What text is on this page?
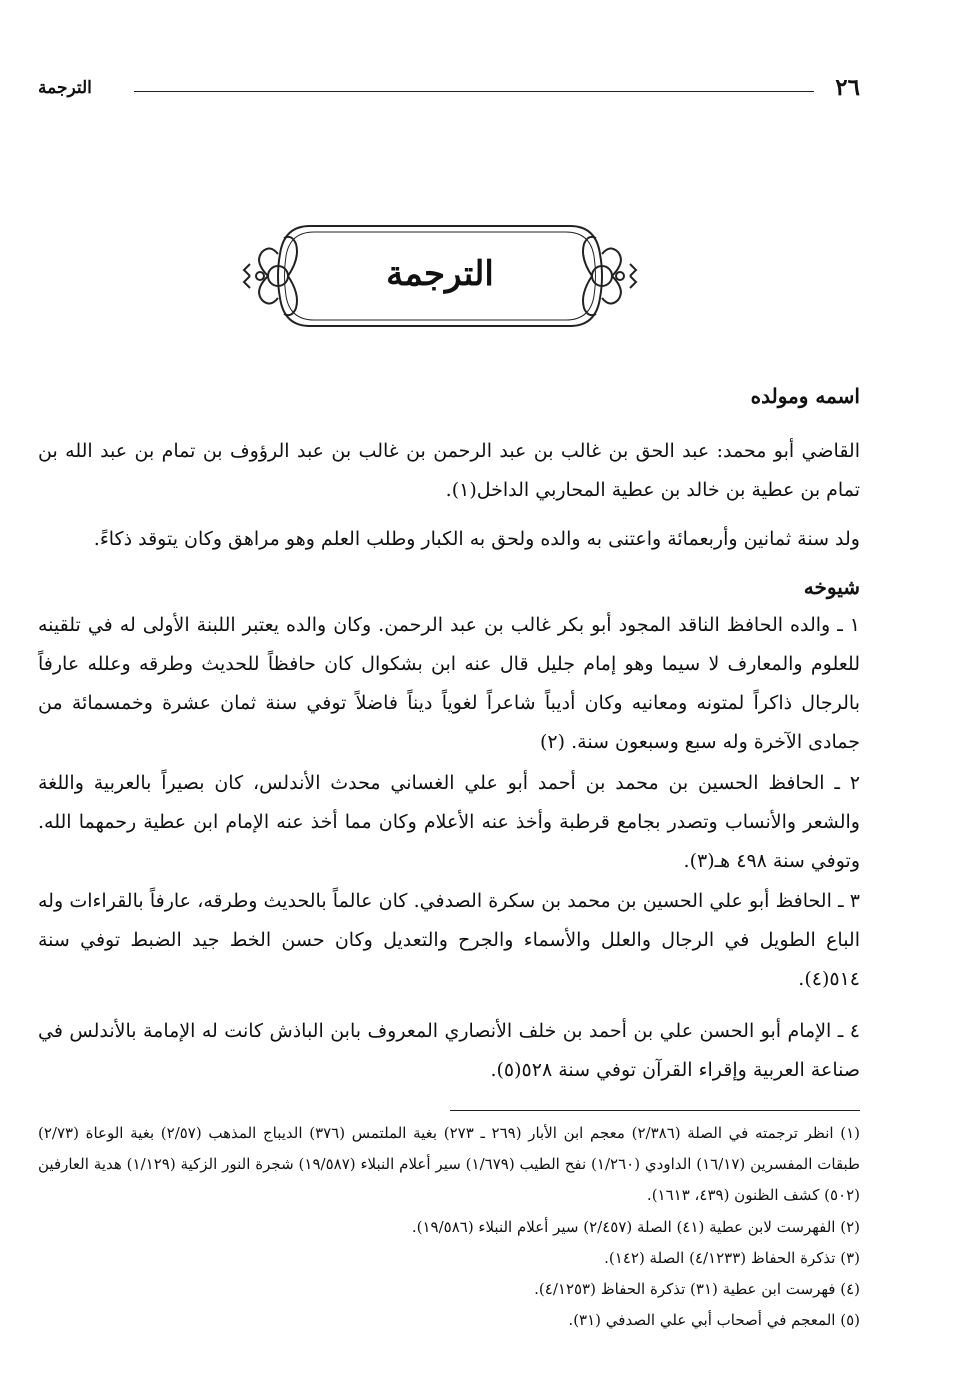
٢٦
الترجمة
الترجمة
اسمه ومولده
القاضي أبو محمد: عبد الحق بن غالب بن عبد الرحمن بن غالب بن عبد الرؤوف بن تمام بن عبد الله بن تمام بن عطية بن خالد بن عطية المحاربي الداخل(١).
ولد سنة ثمانين وأربعمائة واعتنى به والده ولحق به الكبار وطلب العلم وهو مراهق وكان يتوقد ذكاءً.
شيوخه
١ ـ والده الحافظ الناقد المجود أبو بكر غالب بن عبد الرحمن. وكان والده يعتبر اللبنة الأولى له في تلقينه للعلوم والمعارف لا سيما وهو إمام جليل قال عنه ابن بشكوال كان حافظاً للحديث وطرقه وعلله عارفاً بالرجال ذاكراً لمتونه ومعانيه وكان أديباً شاعراً لغوياً ديناً فاضلاً توفي سنة ثمان عشرة وخمسمائة من جمادى الآخرة وله سبع وسبعون سنة. (٢)
٢ ـ الحافظ الحسين بن محمد بن أحمد أبو علي الغساني محدث الأندلس، كان بصيراً بالعربية واللغة والشعر والأنساب وتصدر بجامع قرطبة وأخذ عنه الأعلام وكان مما أخذ عنه الإمام ابن عطية رحمهما الله. وتوفي سنة ٤٩٨ هـ(٣).
٣ ـ الحافظ أبو علي الحسين بن محمد بن سكرة الصدفي. كان عالماً بالحديث وطرقه، عارفاً بالقراءات وله الباع الطويل في الرجال والعلل والأسماء والجرح والتعديل وكان حسن الخط جيد الضبط توفي سنة ٥١٤(٤).
٤ ـ الإمام أبو الحسن علي بن أحمد بن خلف الأنصاري المعروف بابن الباذش كانت له الإمامة بالأندلس في صناعة العربية وإقراء القرآن توفي سنة ٥٢٨(٥).
(١) انظر ترجمته في الصلة (٢/٣٨٦) معجم ابن الأبار (٢٦٩ ـ ٢٧٣) بغية الملتمس (٣٧٦) الديباج المذهب (٢/٥٧) بغية الوعاة (٢/٧٣) طبقات المفسرين (١٦/١٧) الداودي (١/٢٦٠) نفح الطيب (١/٦٧٩) سير أعلام النبلاء (١٩/٥٨٧) شجرة النور الزكية (١/١٢٩) هدية العارفين (٥٠٢) كشف الظنون (٤٣٩، ١٦١٣).
(٢) الفهرست لابن عطية (٤١) الصلة (٢/٤٥٧) سير أعلام النبلاء (١٩/٥٨٦).
(٣) تذكرة الحفاظ (٤/١٢٣٣) الصلة (١٤٢).
(٤) فهرست ابن عطية (٣١) تذكرة الحفاظ (٤/١٢٥٣).
(٥) المعجم في أصحاب أبي علي الصدفي (٣١).
